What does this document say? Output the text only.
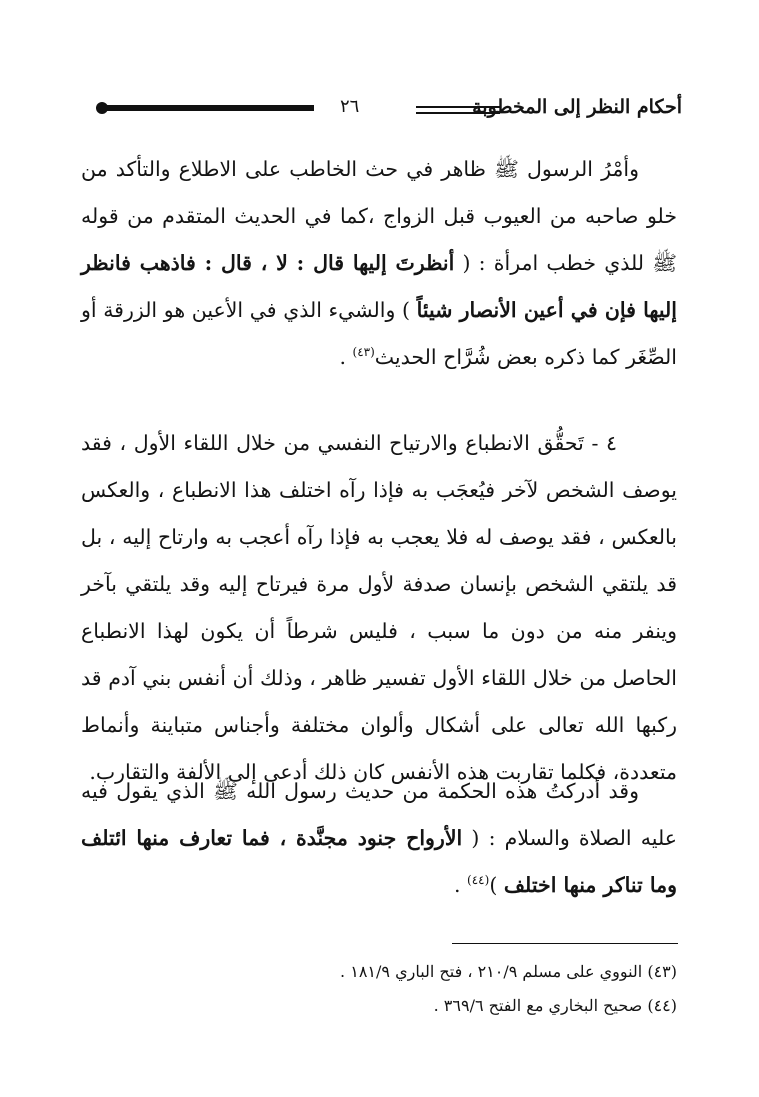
أحكام النظر إلى المخطوبة
٢٦

وأمْرُ الرسول ﷺ ظاهر في حث الخاطب على الاطلاع والتأكد من خلو صاحبه من العيوب قبل الزواج ،كما في الحديث المتقدم من قوله ﷺ للذي خطب امرأة : ( أنظرتَ إليها قال : لا ، قال : فاذهب فانظر إليها فإن في أعين الأنصار شيئاً ) والشيء الذي في الأعين هو الزرقة أو الصِّغَر كما ذكره بعض شُرَّاح الحديث$^{(٤٣)}$ .

٤ - تَحقُّق الانطباع والارتياح النفسي من خلال اللقاء الأول ، فقد يوصف الشخص لآخر فيُعجَب به فإذا رآه اختلف هذا الانطباع ، والعكس بالعكس ، فقد يوصف له فلا يعجب به فإذا رآه أعجب به وارتاح إليه ، بل قد يلتقي الشخص بإنسان صدفة لأول مرة فيرتاح إليه وقد يلتقي بآخر وينفر منه من دون ما سبب ، فليس شرطاً أن يكون لهذا الانطباع الحاصل من خلال اللقاء الأول تفسير ظاهر ، وذلك أن أنفس بني آدم قد ركبها الله تعالى على أشكال وألوان مختلفة وأجناس متباينة وأنماط متعددة، فكلما تقاربت هذه الأنفس كان ذلك أدعى إلى الألفة والتقارب.

وقد أدركتُ هذه الحكمة من حديث رسول الله ﷺ الذي يقول فيه عليه الصلاة والسلام : ( الأرواح جنود مجنَّدة ، فما تعارف منها ائتلف وما تناكر منها اختلف )$^{(٤٤)}$ .

(٤٣) النووي على مسلم ٢١٠/٩ ، فتح الباري ١٨١/٩ .

(٤٤) صحيح البخاري مع الفتح ٣٦٩/٦ .
